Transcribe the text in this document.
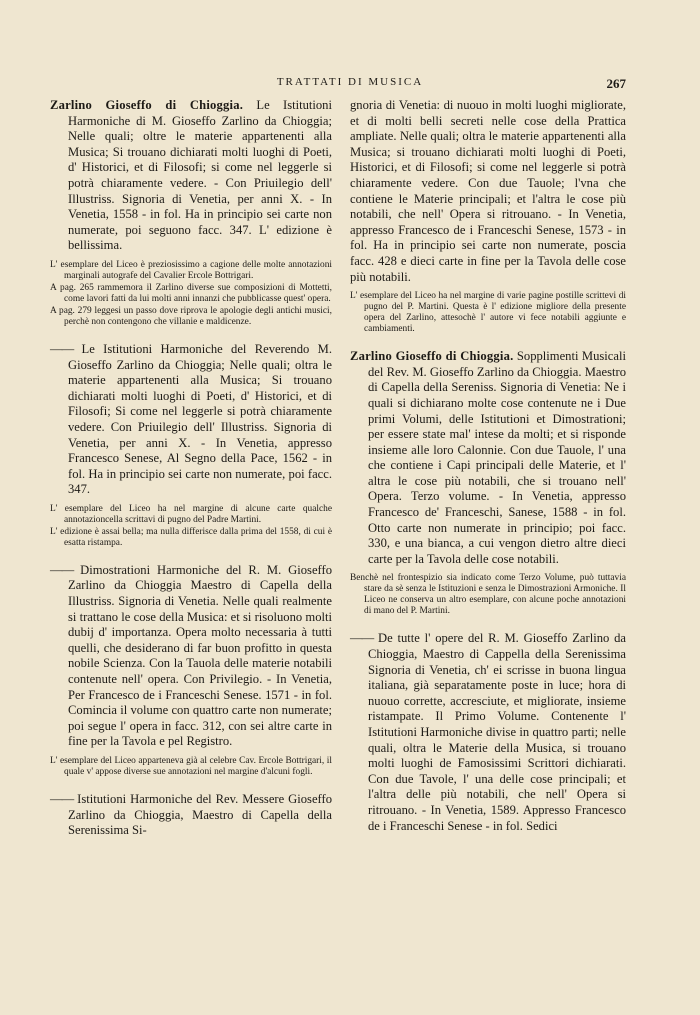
TRATTATI DI MUSICA	267

Zarlino Gioseffo di Chioggia. Le Istitutioni Harmoniche di M. Gioseffo Zarlino da Chioggia; Nelle quali; oltre le materie appartenenti alla Musica; Si trouano dichiarati molti luoghi di Poeti, d' Historici, et di Filosofi; si come nel leggerle si potrà chiaramente vedere. - Con Priuilegio dell' Illustriss. Signoria di Venetia, per anni X. - In Venetia, 1558 - in fol. Ha in principio sei carte non numerate, poi seguono facc. 347. L' edizione è bellissima.

L' esemplare del Liceo è preziosissimo a cagione delle molte annotazioni marginali autografe del Cavalier Ercole Bottrigari.

A pag. 265 rammemora il Zarlino diverse sue composizioni di Mottetti, come lavori fatti da lui molti anni innanzi che pubblicasse quest' opera.

A pag. 279 leggesi un passo dove riprova le apologie degli antichi musici, perchè non contengono che villanie e maldicenze.

—— Le Istitutioni Harmoniche del Reverendo M. Gioseffo Zarlino da Chioggia; Nelle quali; oltra le materie appartenenti alla Musica; Si trouano dichiarati molti luoghi di Poeti, d' Historici, et di Filosofi; Si come nel leggerle si potrà chiaramente vedere. Con Priuilegio dell' Illustriss. Signoria di Venetia, per anni X. - In Venetia, appresso Francesco Senese, Al Segno della Pace, 1562 - in fol. Ha in principio sei carte non numerate, poi facc. 347.

L' esemplare del Liceo ha nel margine di alcune carte qualche annotazioncella scrittavi di pugno del Padre Martini.

L' edizione è assai bella; ma nulla differisce dalla prima del 1558, di cui è esatta ristampa.

—— Dimostrationi Harmoniche del R. M. Gioseffo Zarlino da Chioggia Maestro di Capella della Illustriss. Signoria di Venetia. Nelle quali realmente si trattano le cose della Musica: et si risoluono molti dubij d' importanza. Opera molto necessaria à tutti quelli, che desiderano di far buon profitto in questa nobile Scienza. Con la Tauola delle materie notabili contenute nell' opera. Con Privilegio. - In Venetia, Per Francesco de i Franceschi Senese. 1571 - in fol. Comincia il volume con quattro carte non numerate; poi segue l' opera in facc. 312, con sei altre carte in fine per la Tavola e pel Registro.

L' esemplare del Liceo apparteneva già al celebre Cav. Ercole Bottrigari, il quale v' appose diverse sue annotazioni nel margine d'alcuni fogli.

—— Istitutioni Harmoniche del Rev. Messere Gioseffo Zarlino da Chioggia, Maestro di Capella della Serenissima Si-

gnoria di Venetia: di nuouo in molti luoghi migliorate, et di molti belli secreti nelle cose della Prattica ampliate. Nelle quali; oltra le materie appartenenti alla Musica; si trouano dichiarati molti luoghi di Poeti, Historici, et di Filosofi; si come nel leggerle si potrà chiaramente vedere. Con due Tauole; l'vna che contiene le Materie principali; et l'altra le cose più notabili, che nell' Opera si ritrouano. - In Venetia, appresso Francesco de i Franceschi Senese, 1573 - in fol. Ha in principio sei carte non numerate, poscia facc. 428 e dieci carte in fine per la Tavola delle cose più notabili.

L' esemplare del Liceo ha nel margine di varie pagine postille scrittevi di pugno del P. Martini. Questa è l' edizione migliore della presente opera del Zarlino, attesochè l' autore vi fece notabili aggiunte e cambiamenti.

Zarlino Gioseffo di Chioggia. Sopplimenti Musicali del Rev. M. Gioseffo Zarlino da Chioggia. Maestro di Capella della Sereniss. Signoria di Venetia: Ne i quali si dichiarano molte cose contenute ne i Due primi Volumi, delle Istitutioni et Dimostrationi; per essere state mal' intese da molti; et si risponde insieme alle loro Calonnie. Con due Tauole, l' una che contiene i Capi principali delle Materie, et l' altra le cose più notabili, che si trouano nell' Opera. Terzo volume. - In Venetia, appresso Francesco de' Franceschi, Sanese, 1588 - in fol. Otto carte non numerate in principio; poi facc. 330, e una bianca, a cui vengon dietro altre dieci carte per la Tavola delle cose notabili.

Benchè nel frontespizio sia indicato come Terzo Volume, può tuttavia stare da sè senza le Istituzioni e senza le Dimostrazioni Armoniche. Il Liceo ne conserva un altro esemplare, con alcune poche annotazioni di mano del P. Martini.

—— De tutte l' opere del R. M. Gioseffo Zarlino da Chioggia, Maestro di Cappella della Serenissima Signoria di Venetia, ch' ei scrisse in buona lingua italiana, già separatamente poste in luce; hora di nuouo corrette, accresciute, et migliorate, insieme ristampate. Il Primo Volume. Contenente l' Istitutioni Harmoniche divise in quattro parti; nelle quali, oltra le Materie della Musica, si trouano molti luoghi de Famosissimi Scrittori dichiarati. Con due Tavole, l' una delle cose principali; et l'altra delle più notabili, che nell' Opera si ritrouano. - In Venetia, 1589. Appresso Francesco de i Franceschi Senese - in fol. Sedici
